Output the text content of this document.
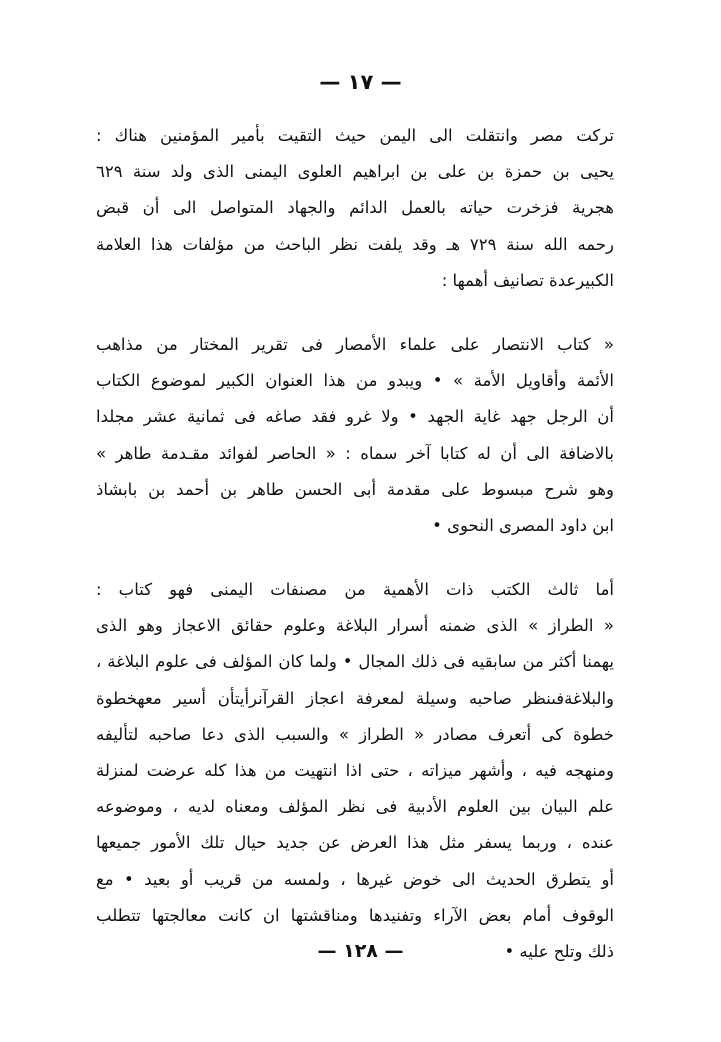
— ١٧ —
تركت مصر وانتقلت الى اليمن حيث التقيت بأمير المؤمنين هناك :
يحيى بن حمزة بن على بن ابراهيم العلوى اليمنى الذى ولد سنة ٦٢٩
هجرية فزخرت حياته بالعمل الدائم والجهاد المتواصل الى أن قبض
رحمه الله سنة ٧٢٩ هـ وقد يلفت نظر الباحث من مؤلفات هذا العلامة
الكبيرعدة تصانيف أهمها :
« كتاب الانتصار على علماء الأمصار فى تقرير المختار من مذاهب
الأئمة وأقاويل الأمة » • ويبدو من هذا العنوان الكبير لموضوع الكتاب
أن الرجل جهد غاية الجهد • ولا غرو فقد صاغه فى ثمانية عشر مجلدا
بالاضافة الى أن له كتابا آخر سماه : « الحاصر لفوائد مقـدمة طاهر »
وهو شرح مبسوط على مقدمة أبى الحسن طاهر بن أحمد بن بابشاذ
ابن داود المصرى النحوى •
أما ثالث الكتب ذات الأهمية من مصنفات اليمنى فهو كتاب :
« الطراز » الذى ضمنه أسرار البلاغة وعلوم حقائق الاعجاز وهو الذى
يهمنا أكثر من سابقيه فى ذلك المجال • ولما كان المؤلف فى علوم البلاغة ،
والبلاغةفىنظر صاحبه وسيلة لمعرفة اعجاز القرآنرأيتأن أسير معهخطوة
خطوة كى أتعرف مصادر « الطراز » والسبب الذى دعا صاحبه لتأليفه
ومنهجه فيه ، وأشهر ميزاته ، حتى اذا انتهيت من هذا كله عرضت لمنزلة
علم البيان بين العلوم الأدبية فى نظر المؤلف ومعناه لديه ، وموضوعه
عنده ، وربما يسفر مثل هذا العرض عن جديد حيال تلك الأمور جميعها
أو يتطرق الحديث الى خوض غيرها ، ولمسه من قريب أو بعيد • مع
الوقوف أمام بعض الآراء وتفنيدها ومناقشتها ان كانت معالجتها تتطلب
ذلك وتلح عليه •
— ١٢٨ —
